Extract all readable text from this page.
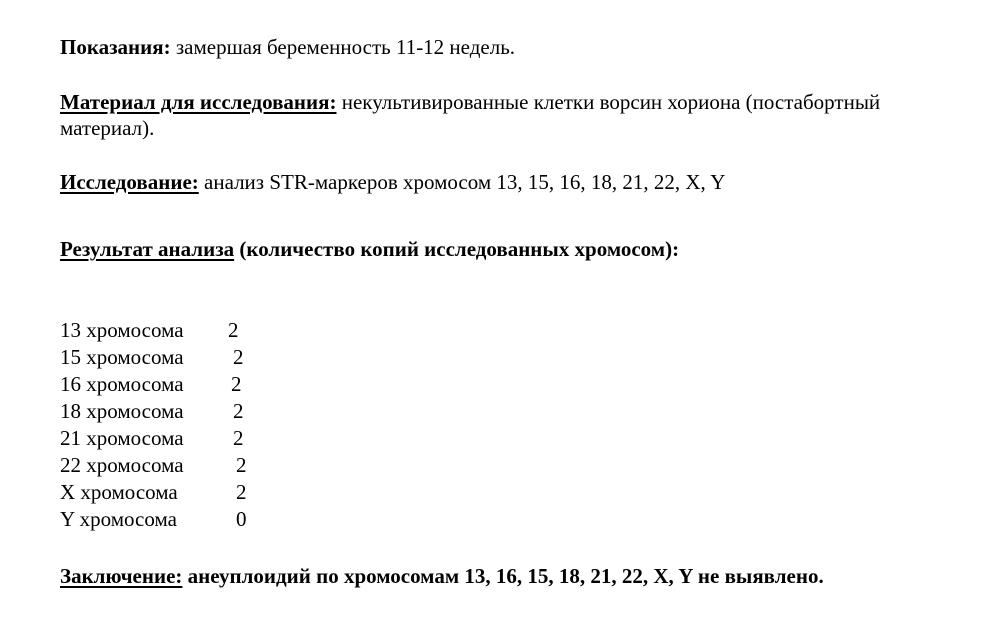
Показания: замершая беременность 11-12 недель.
Материал для исследования: некультивированные клетки ворсин хориона (постабортный
материал).
Исследование: анализ STR-маркеров хромосом 13, 15, 16, 18, 21, 22, X, Y
Результат анализа (количество копий исследованных хромосом):
13 хромосома 2
15 хромосома 2
16 хромосома 2
18 хромосома 2
21 хромосома 2
22 хромосома 2
X хромосома	2
Y хромосома	0
Заключение: анеуплоидий по хромосомам 13, 16, 15, 18, 21, 22, X, Y не выявлено.
